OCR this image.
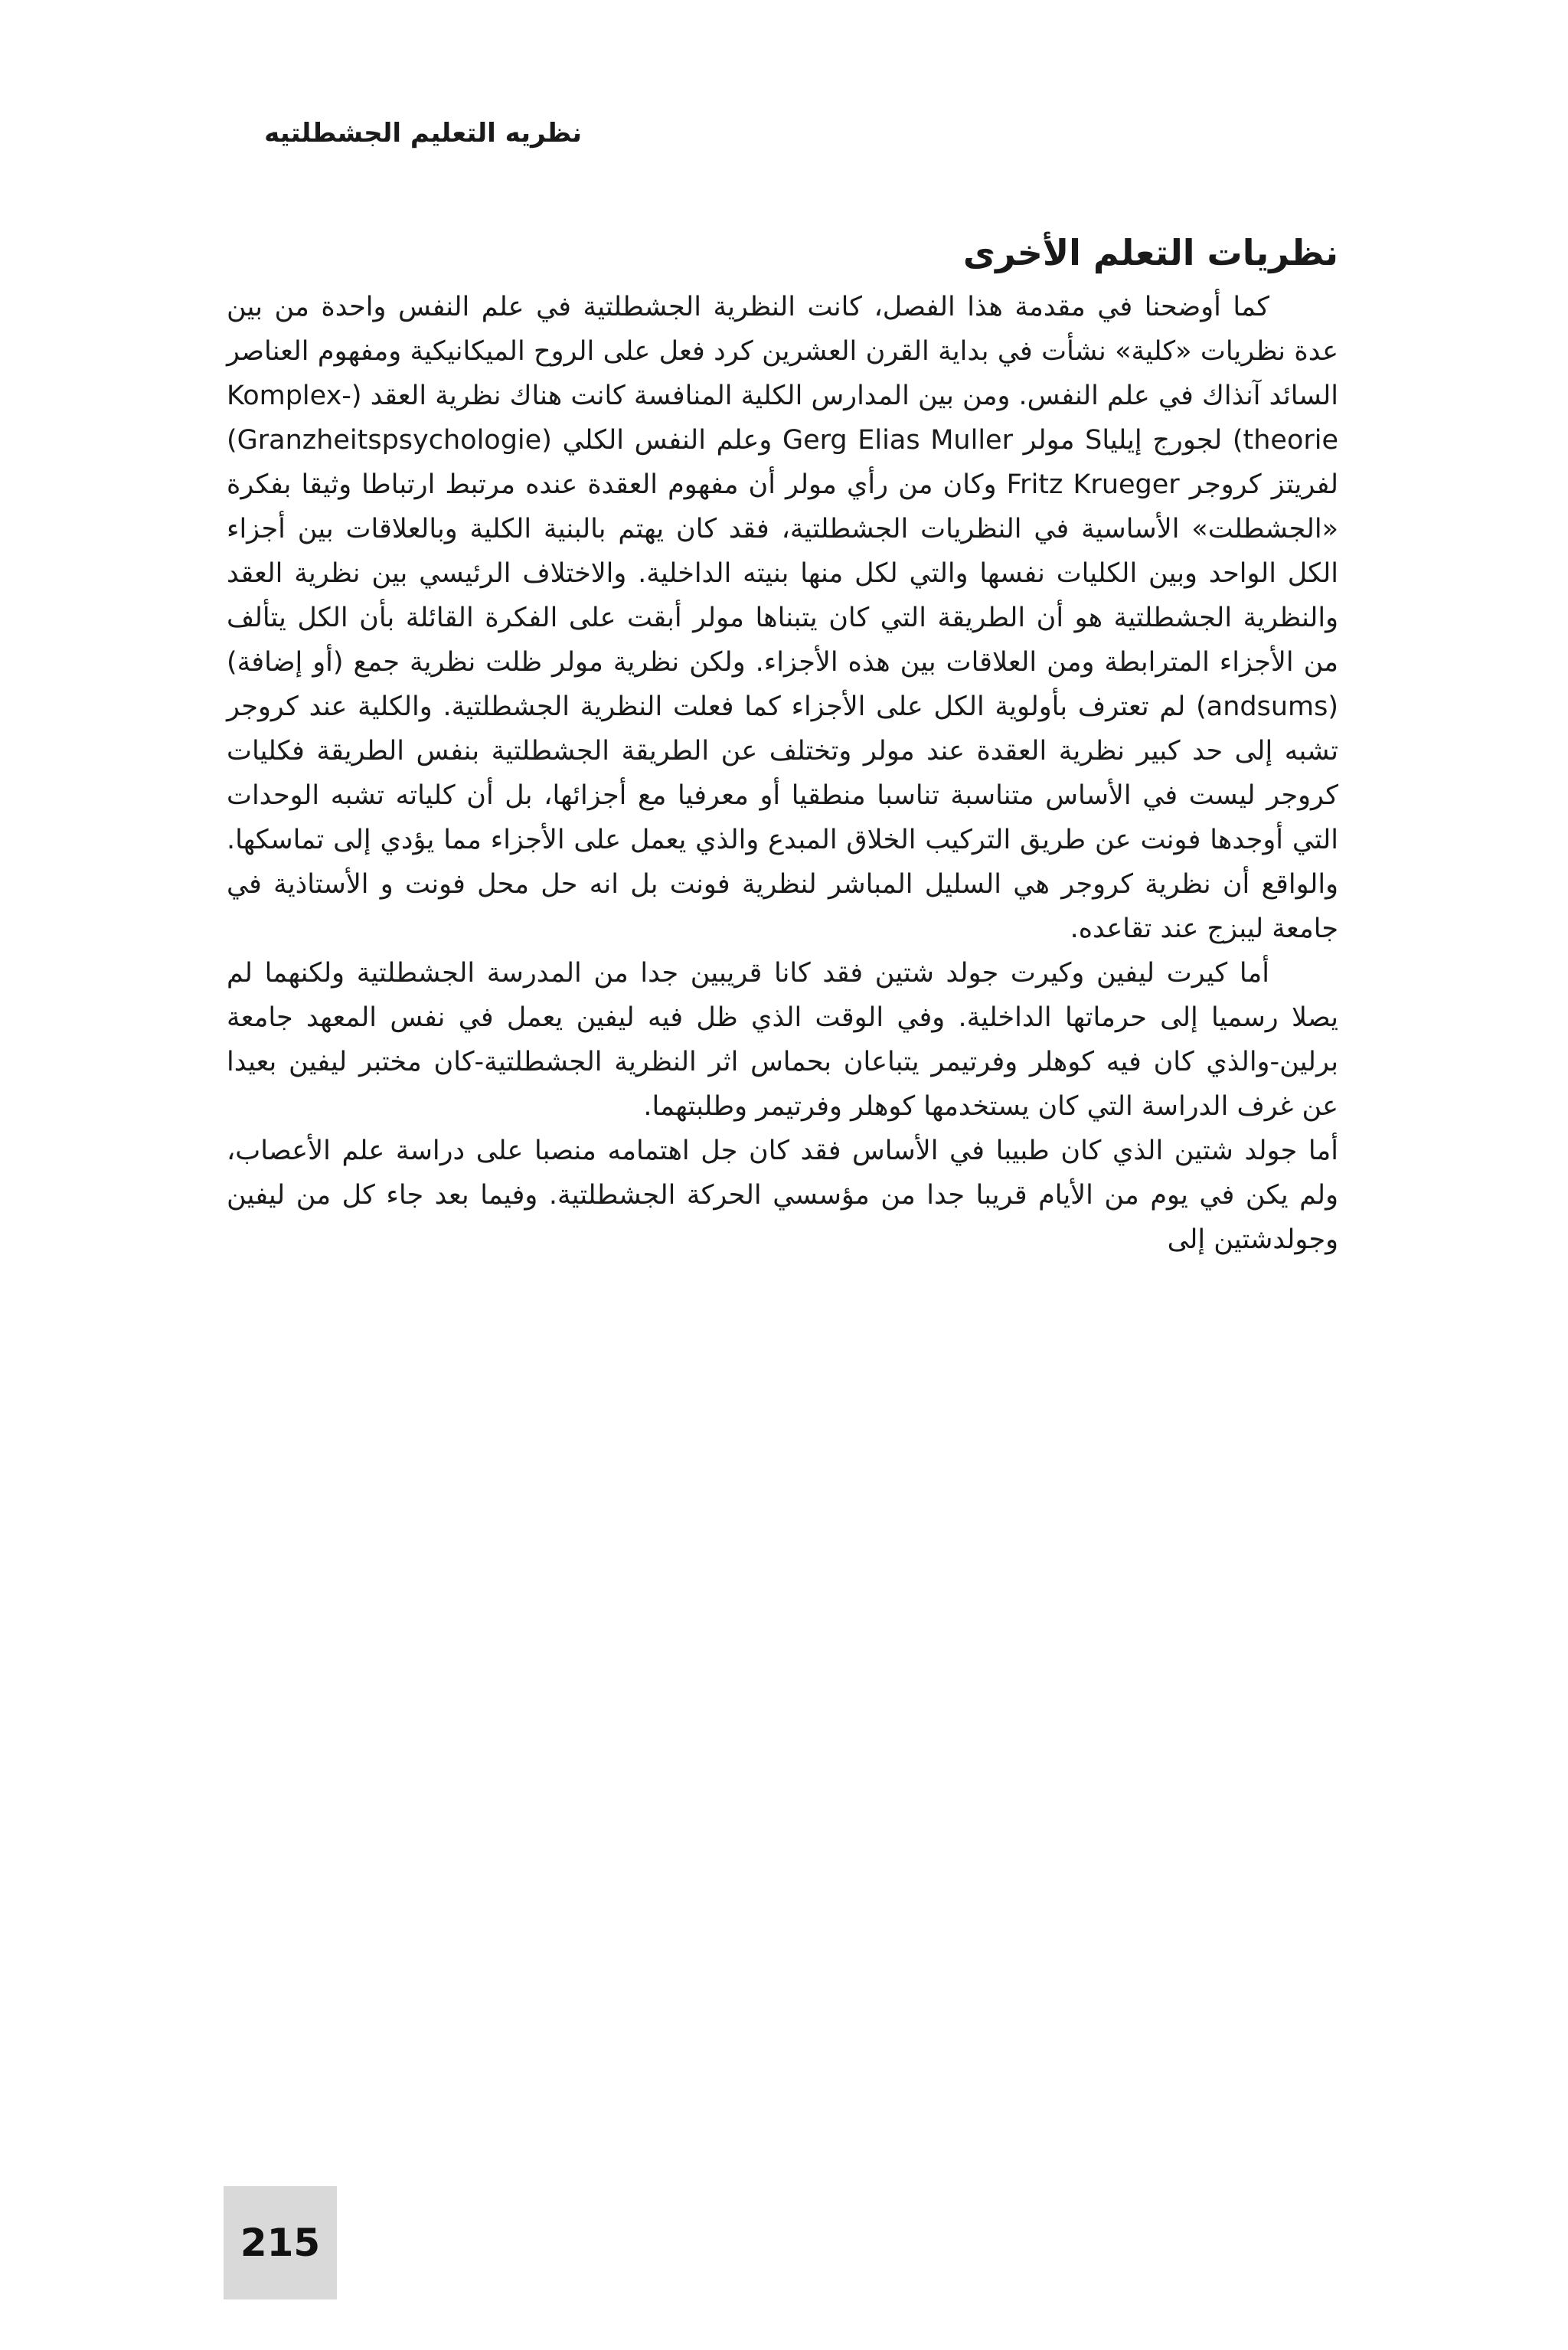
نظريه التعليم الجشطلتيه
نظريات التعلم الأخرى

كما أوضحنا في مقدمة هذا الفصل، كانت النظرية الجشطلتية في علم النفس واحدة من بين عدة نظريات «كلية» نشأت في بداية القرن العشرين كرد فعل على الروح الميكانيكية ومفهوم العناصر السائد آنذاك في علم النفس. ومن بين المدارس الكلية المنافسة كانت هناك نظرية العقد (Komplex-theorie) لجورج إيلياS مولر Gerg Elias Muller وعلم النفس الكلي (Granzheitspsychologie) لفريتز كروجر Fritz Krueger وكان من رأي مولر أن مفهوم العقدة عنده مرتبط ارتباطا وثيقا بفكرة «الجشطلت» الأساسية في النظريات الجشطلتية، فقد كان يهتم بالبنية الكلية وبالعلاقات بين أجزاء الكل الواحد وبين الكليات نفسها والتي لكل منها بنيته الداخلية. والاختلاف الرئيسي بين نظرية العقد والنظرية الجشطلتية هو أن الطريقة التي كان يتبناها مولر أبقت على الفكرة القائلة بأن الكل يتألف من الأجزاء المترابطة ومن العلاقات بين هذه الأجزاء. ولكن نظرية مولر ظلت نظرية جمع (أو إضافة) (andsums) لم تعترف بأولوية الكل على الأجزاء كما فعلت النظرية الجشطلتية. والكلية عند كروجر تشبه إلى حد كبير نظرية العقدة عند مولر وتختلف عن الطريقة الجشطلتية بنفس الطريقة فكليات كروجر ليست في الأساس متناسبة تناسبا منطقيا أو معرفيا مع أجزائها، بل أن كلياته تشبه الوحدات التي أوجدها فونت عن طريق التركيب الخلاق المبدع والذي يعمل على الأجزاء مما يؤدي إلى تماسكها. والواقع أن نظرية كروجر هي السليل المباشر لنظرية فونت بل انه حل محل فونت و الأستاذية في جامعة ليبزج عند تقاعده.

أما كيرت ليفين وكيرت جولد شتين فقد كانا قريبين جدا من المدرسة الجشطلتية ولكنهما لم يصلا رسميا إلى حرماتها الداخلية. وفي الوقت الذي ظل فيه ليفين يعمل في نفس المعهد جامعة برلين-والذي كان فيه كوهلر وفرتيمر يتباعان بحماس اثر النظرية الجشطلتية-كان مختبر ليفين بعيدا عن غرف الدراسة التي كان يستخدمها كوهلر وفرتيمر وطلبتهما.

أما جولد شتين الذي كان طبيبا في الأساس فقد كان جل اهتمامه منصبا على دراسة علم الأعصاب، ولم يكن في يوم من الأيام قريبا جدا من مؤسسي الحركة الجشطلتية. وفيما بعد جاء كل من ليفين وجولدشتين إلى

215
